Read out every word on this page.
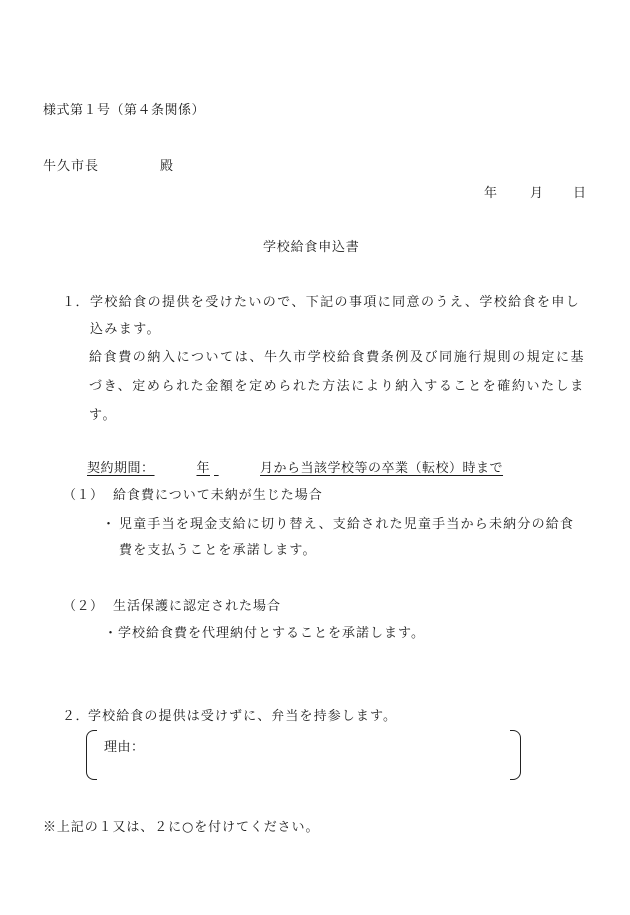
様式第１号（第４条関係）
牛久市長	殿
年 月 日
学校給食申込書
１． 学校給食の提供を受けたいので、下記の事項に同意のうえ、学校給食を申し
込みます。
給食費の納入については、牛久市学校給食費条例及び同施行規則の規定に基づき、定められた金額を定められた方法により納入することを確約いたします。
契約期間：	年
	月から当該学校等の卒業（転校）時まで
（１） 給食費について未納が生じた場合
・ 児童手当を現金支給に切り替え、支給された児童手当から未納分の給食
費を支払うことを承諾します。
（２） 生活保護に認定された場合
・学校給食費を代理納付とすることを承諾します。
２．
学校給食の提供は受けずに、弁当を持参します。
理由：
※上記の１又は、２に○を付けてください。
